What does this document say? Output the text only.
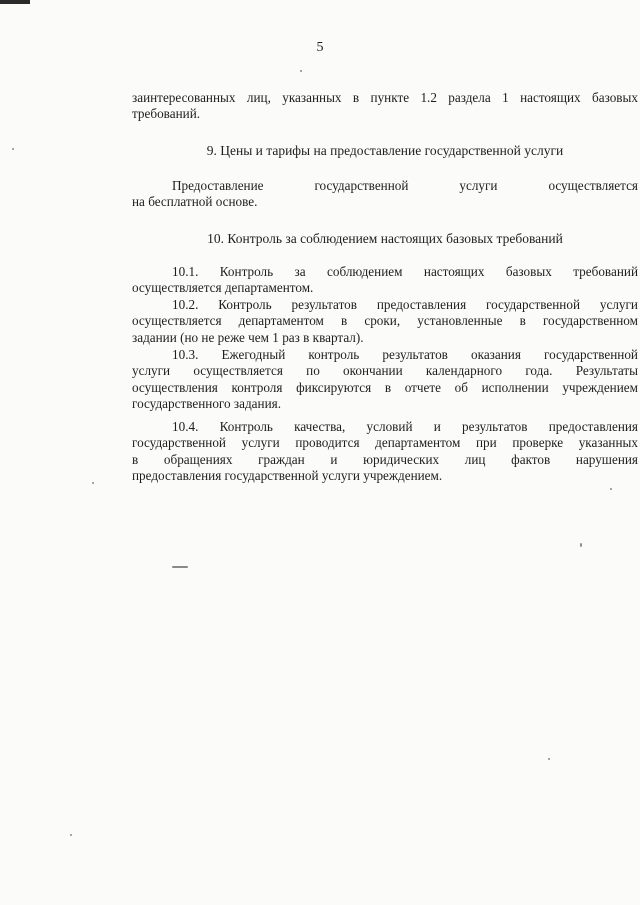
5
заинтересованных лиц, указанных в пункте 1.2 раздела 1 настоящих базовых
требований.
9. Цены и тарифы на предоставление государственной услуги
Предоставление государственной услуги осуществляется
на бесплатной основе.
10. Контроль за соблюдением настоящих базовых требований
10.1. Контроль за соблюдением настоящих базовых требований
осуществляется департаментом.
10.2. Контроль результатов предоставления государственной услуги
осуществляется департаментом в сроки, установленные в государственном
задании (но не реже чем 1 раз в квартал).
10.3. Ежегодный контроль результатов оказания государственной
услуги осуществляется по окончании календарного года. Результаты
осуществления контроля фиксируются в отчете об исполнении учреждением
государственного задания.
10.4. Контроль качества, условий и результатов предоставления
государственной услуги проводится департаментом при проверке указанных
в обращениях граждан и юридических лиц фактов нарушения
предоставления государственной услуги учреждением.
